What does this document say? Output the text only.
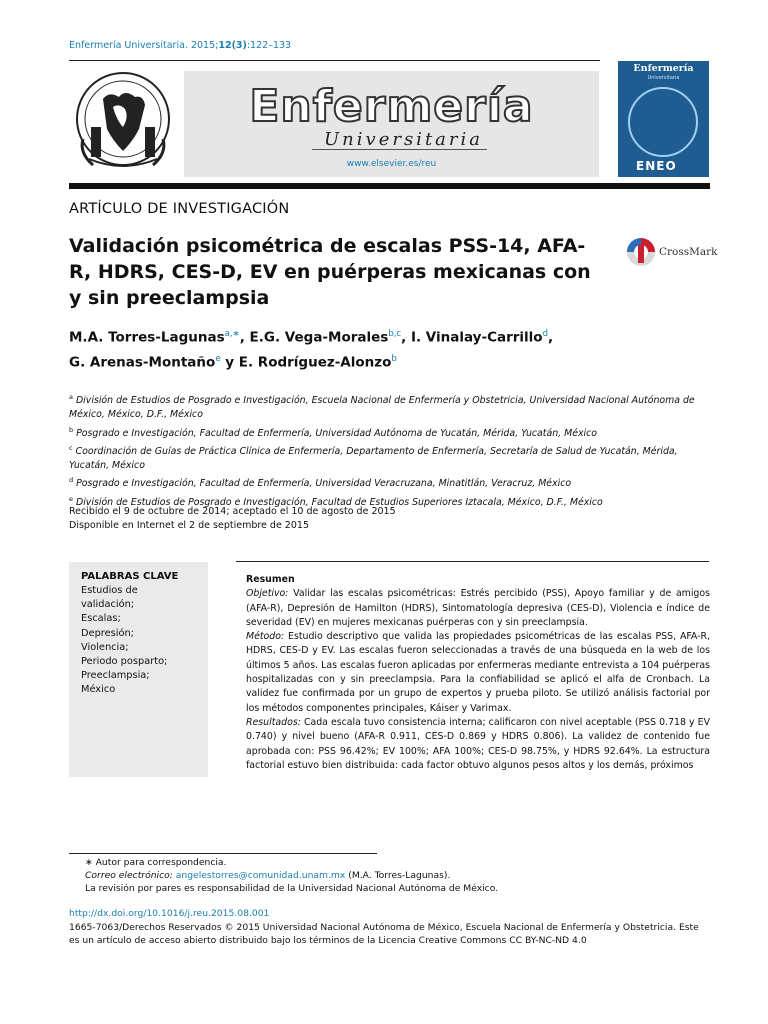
Enfermería Universitaria. 2015;12(3):122–133
Enfermería
Universitaria
www.elsevier.es/reu
Enfermería
Universitaria
ENEO
ARTÍCULO DE INVESTIGACIÓN
Validación psicométrica de escalas PSS-14, AFA-R, HDRS, CES-D, EV en puérperas mexicanas con y sin preeclampsia
CrossMark
M.A. Torres-Lagunas$^{a,∗}$, E.G. Vega-Morales$^{b,c}$, I. Vinalay-Carrillo$^d$,
G. Arenas-Montaño$^e$ y E. Rodríguez-Alonzo$^b$
$^a$ División de Estudios de Posgrado e Investigación, Escuela Nacional de Enfermería y Obstetricia, Universidad Nacional Autónoma de México, México, D.F., México
$^b$ Posgrado e Investigación, Facultad de Enfermería, Universidad Autónoma de Yucatán, Mérida, Yucatán, México
$^c$ Coordinación de Guías de Práctica Clínica de Enfermería, Departamento de Enfermería, Secretaría de Salud de Yucatán, Mérida, Yucatán, México
$^d$ Posgrado e Investigación, Facultad de Enfermería, Universidad Veracruzana, Minatitlán, Veracruz, México
$^e$ División de Estudios de Posgrado e Investigación, Facultad de Estudios Superiores Iztacala, México, D.F., México
Recibido el 9 de octubre de 2014; aceptado el 10 de agosto de 2015
Disponible en Internet el 2 de septiembre de 2015
PALABRAS CLAVE
Estudios de
validación;
Escalas;
Depresión;
Violencia;
Periodo posparto;
Preeclampsia;
México
Resumen

Objetivo: Validar las escalas psicométricas: Estrés percibido (PSS), Apoyo familiar y de amigos (AFA-R), Depresión de Hamilton (HDRS), Sintomatología depresiva (CES-D), Violencia e índice de severidad (EV) en mujeres mexicanas puérperas con y sin preeclampsia.

Método: Estudio descriptivo que valida las propiedades psicométricas de las escalas PSS, AFA-R, HDRS, CES-D y EV. Las escalas fueron seleccionadas a través de una búsqueda en la web de los últimos 5 años. Las escalas fueron aplicadas por enfermeras mediante entrevista a 104 puérperas hospitalizadas con y sin preeclampsia. Para la confiabilidad se aplicó el alfa de Cronbach. La validez fue confirmada por un grupo de expertos y prueba piloto. Se utilizó análisis factorial por los métodos componentes principales, Káiser y Varimax.

Resultados: Cada escala tuvo consistencia interna; calificaron con nivel aceptable (PSS 0.718 y EV 0.740) y nivel bueno (AFA-R 0.911, CES-D 0.869 y HDRS 0.806). La validez de contenido fue aprobada con: PSS 96.42%; EV 100%; AFA 100%; CES-D 98.75%, y HDRS 92.64%. La estructura factorial estuvo bien distribuida: cada factor obtuvo algunos pesos altos y los demás, próximos

∗ Autor para correspondencia.
Correo electrónico: angelestorres@comunidad.unam.mx (M.A. Torres-Lagunas).
La revisión por pares es responsabilidad de la Universidad Nacional Autónoma de México.
http://dx.doi.org/10.1016/j.reu.2015.08.001
1665-7063/Derechos Reservados © 2015 Universidad Nacional Autónoma de México, Escuela Nacional de Enfermería y Obstetricia. Este es un artículo de acceso abierto distribuido bajo los términos de la Licencia Creative Commons CC BY-NC-ND 4.0
